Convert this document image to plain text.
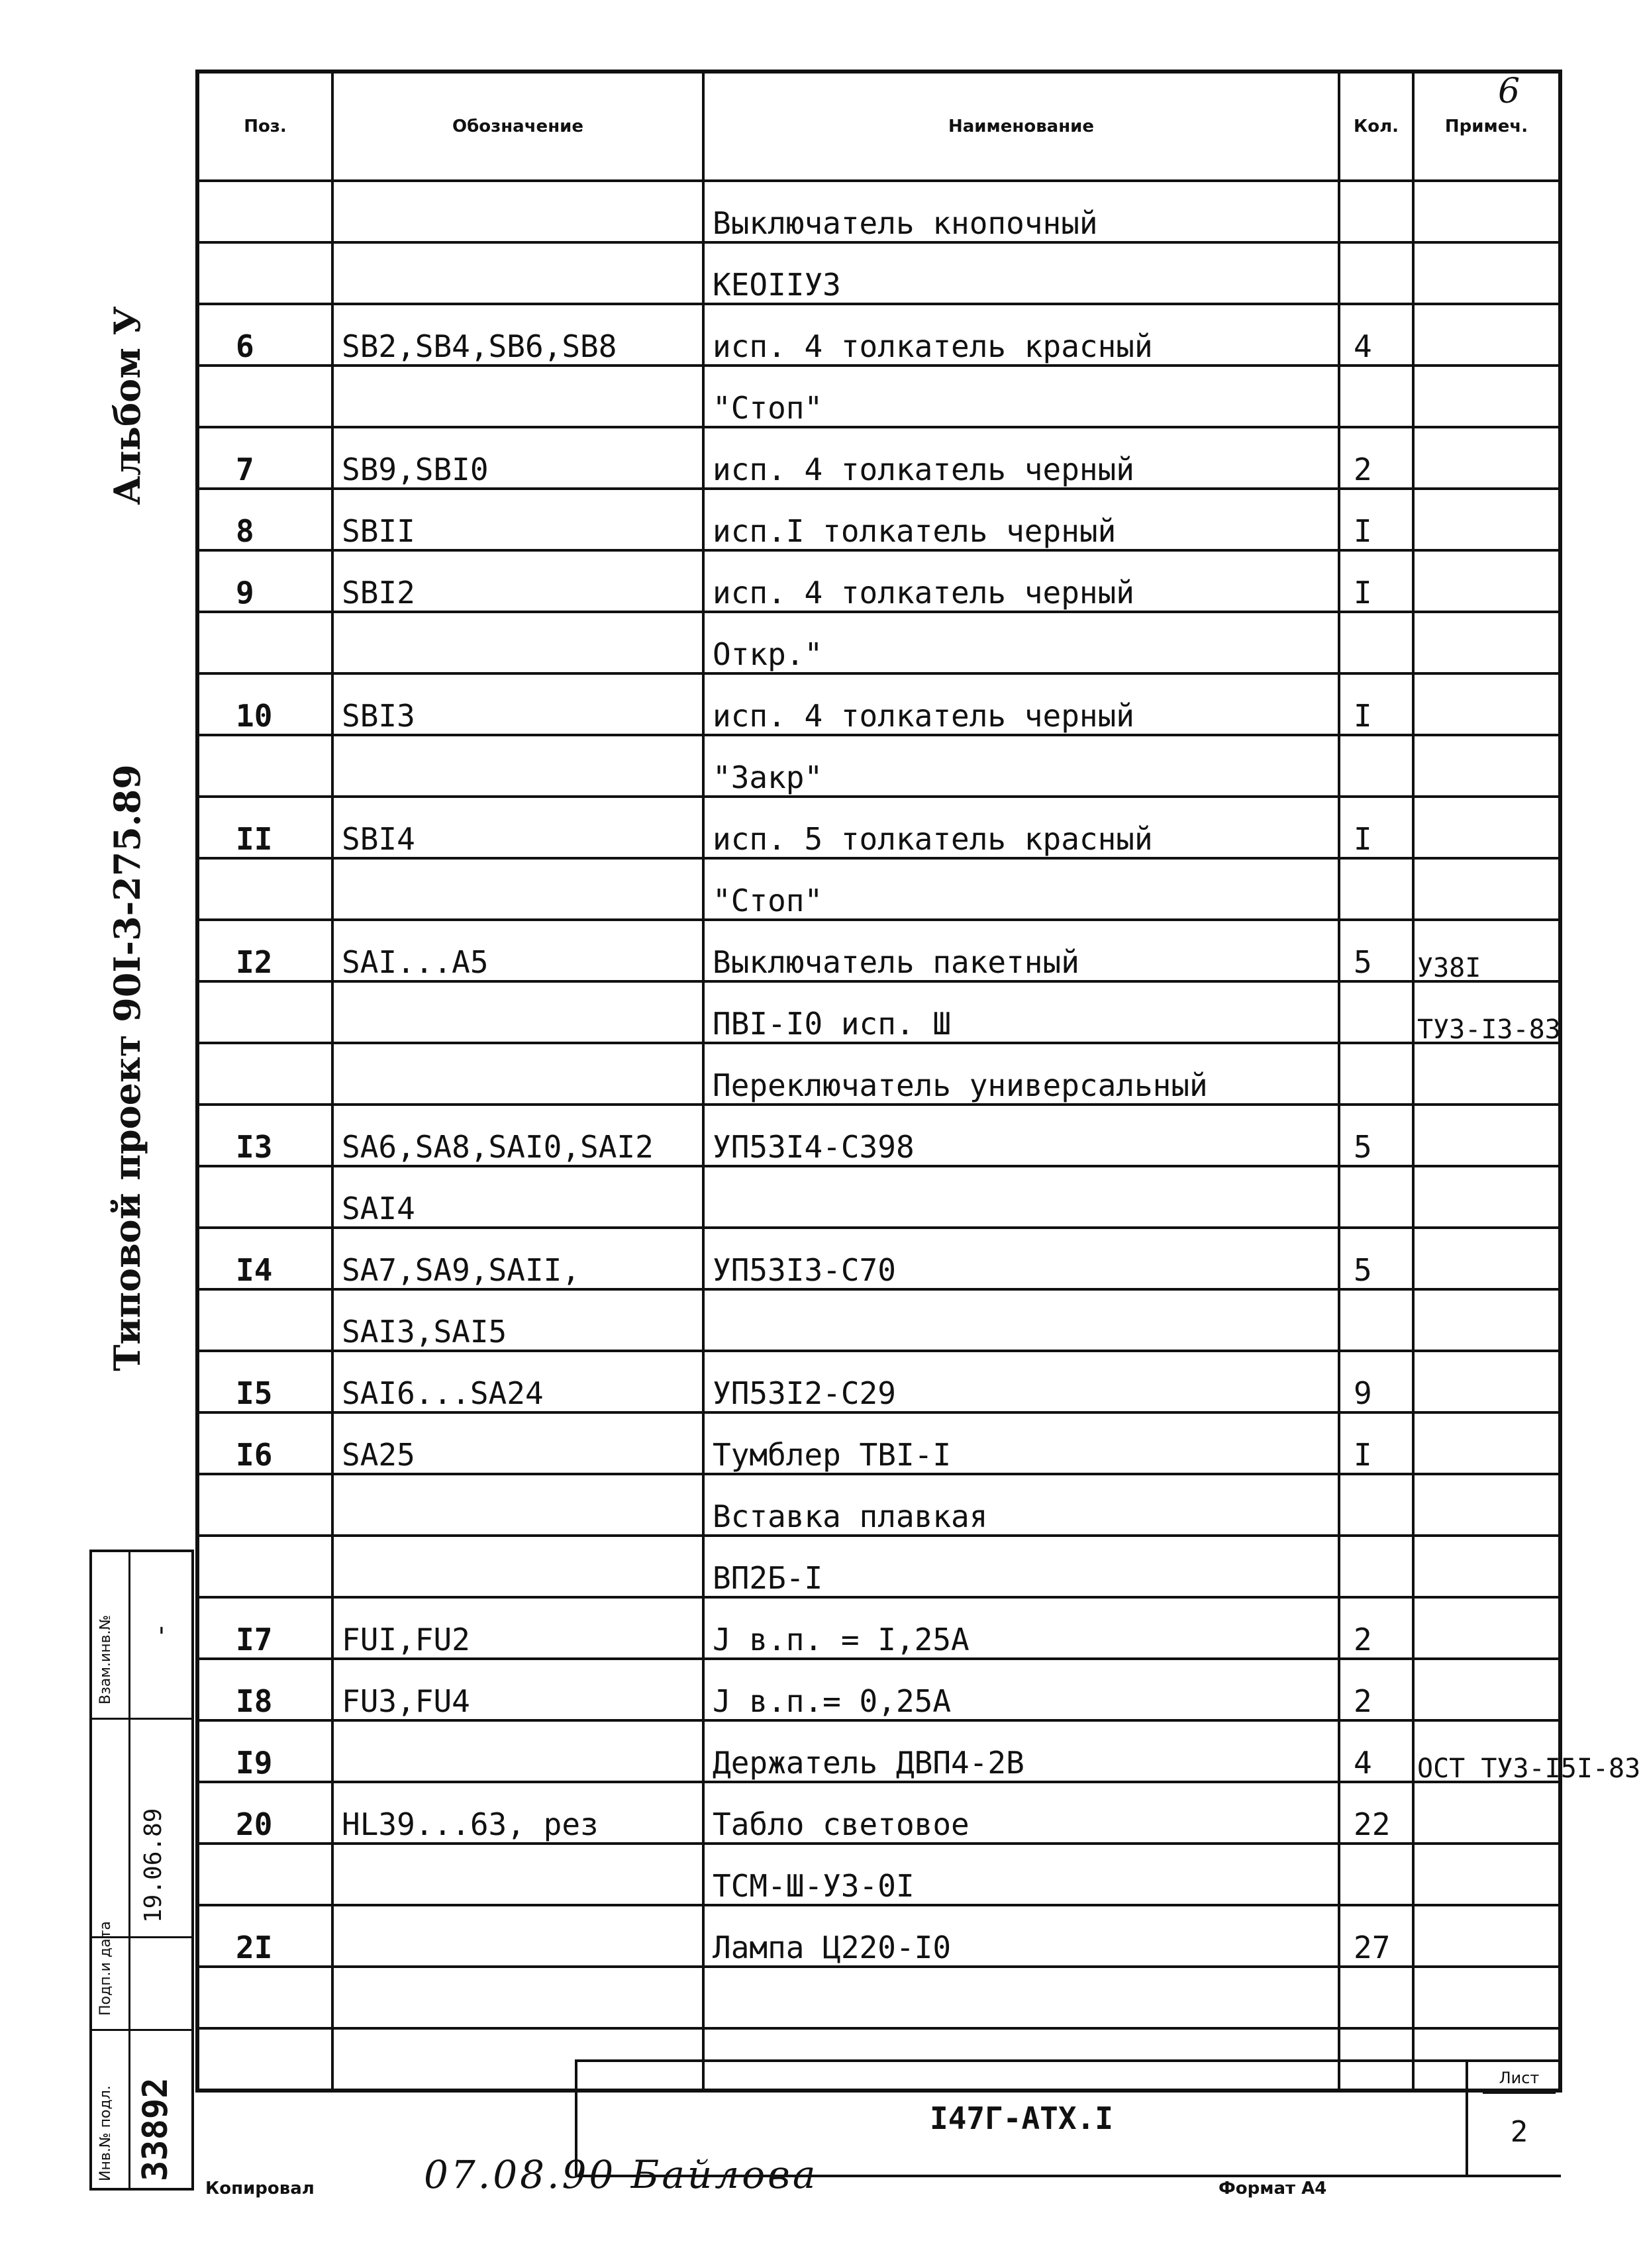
6
Поз.	Обозначение	Наименование	Кол.	Примеч.
		Выключатель кнопочный		
		КЕОIIУЗ		
6	SB2,SB4,SB6,SB8	исп. 4 толкатель красный	4	
		"Стоп"		
7	SB9,SBI0	исп. 4 толкатель черный	2	
8	SBII	исп.I толкатель черный	I	
9	SBI2	исп. 4 толкатель черный	I	
		Откр."		
10	SBI3	исп. 4 толкатель черный	I	
		"Закр"		
II	SBI4	исп. 5 толкатель красный	I	
		"Стоп"		
I2	SAI...A5	Выключатель пакетный	5	У38I
		ПВI-I0 исп. Ш		ТУ3-I3-83
		Переключатель универсальный		
I3	SA6,SA8,SAI0,SAI2	УП53I4-С398	5	
	SAI4			
I4	SA7,SA9,SAII,	УП53I3-С70	5	
	SAI3,SAI5			
I5	SAI6...SA24	УП53I2-С29	9	
I6	SA25	Тумблер ТВI-I	I	
		Вставка плавкая		
		ВП2Б-I		
I7	FUI,FU2	Ј в.п. = I,25А	2	
I8	FU3,FU4	Ј в.п.= 0,25А	2	
I9		Держатель ДВП4-2В	4	ОСТ ТУ3-I5I-83
20	HL39...63, рез	Табло световое	22	
		ТСМ-Ш-УЗ-0I		
2I		Лампа Ц220-I0	27	

Типовой проект 90I-3-275.89
Альбом У
Инв.№ подл.
Подп.и дата
Взам.инв.№
33892
19.06.89
-
I47Г-АТХ.I
Лист
2
Копировал	07.08.90 Байлова	Формат А4
